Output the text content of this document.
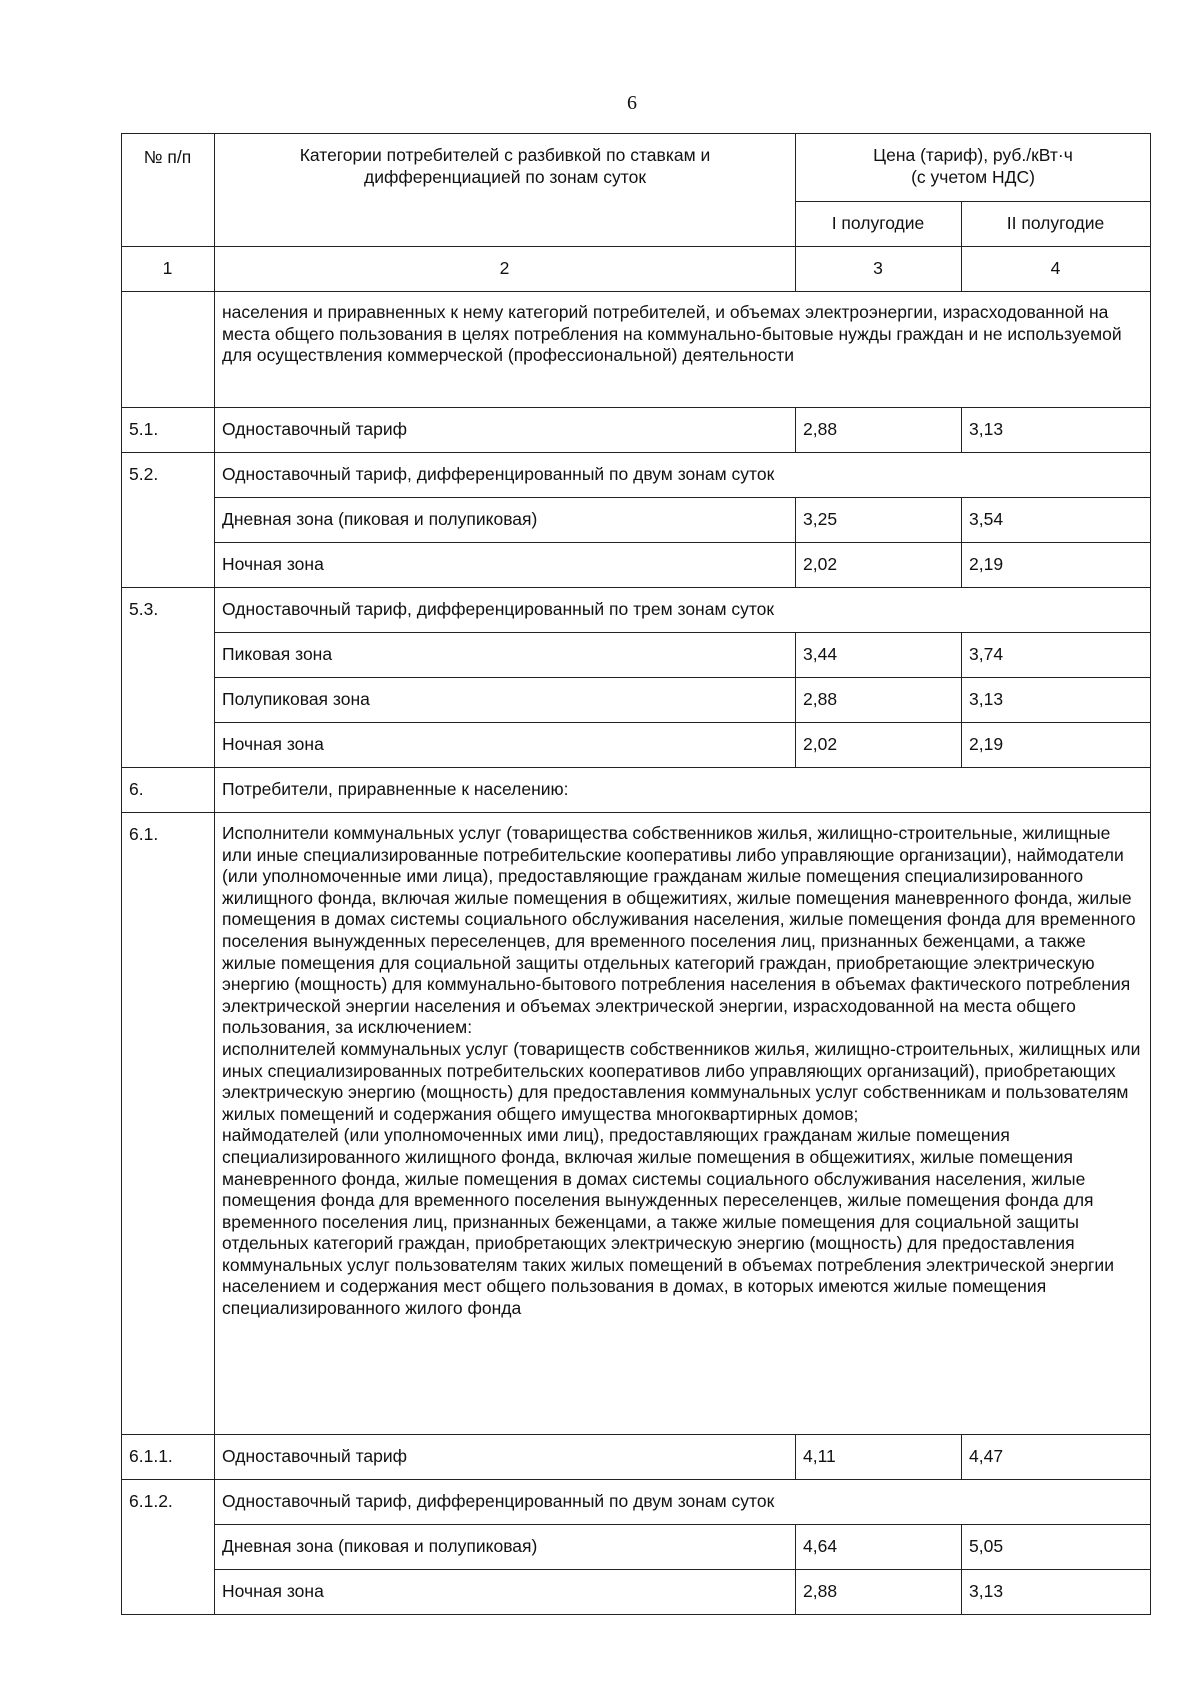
6
№ п/п	Категории потребителей с разбивкой по ставкам и дифференциацией по зонам суток	Цена (тариф), руб./кВт·ч (с учетом НДС)	
		I полугодие	II полугодие
1	2	3	4
	населения и приравненных к нему категорий потребителей, и объемах электроэнергии, израсходованной на места общего пользования в целях потребления на коммунально-бытовые нужды граждан и не используемой для осуществления коммерческой (профессиональной) деятельности		
5.1.	Одноставочный тариф	2,88	3,13
5.2.	Одноставочный тариф, дифференцированный по двум зонам суток		
	Дневная зона (пиковая и полупиковая)	3,25	3,54
	Ночная зона	2,02	2,19
5.3.	Одноставочный тариф, дифференцированный по трем зонам суток		
	Пиковая зона	3,44	3,74
	Полупиковая зона	2,88	3,13
	Ночная зона	2,02	2,19
6.	Потребители, приравненные к населению:		
6.1.	Исполнители коммунальных услуг (товарищества собственников жилья, жилищно-строительные, жилищные или иные специализированные потребительские кооперативы либо управляющие организации), наймодатели (или уполномоченные ими лица), предоставляющие гражданам жилые помещения специализированного жилищного фонда, включая жилые помещения в общежитиях, жилые помещения маневренного фонда, жилые помещения в домах системы социального обслуживания населения, жилые помещения фонда для временного поселения вынужденных переселенцев, для временного поселения лиц, признанных беженцами, а также жилые помещения для социальной защиты отдельных категорий граждан, приобретающие электрическую энергию (мощность) для коммунально-бытового потребления населения в объемах фактического потребления электрической энергии населения и объемах электрической энергии, израсходованной на места общего пользования, за исключением:
исполнителей коммунальных услуг (товариществ собственников жилья, жилищно-строительных, жилищных или иных специализированных потребительских кооперативов либо управляющих организаций), приобретающих электрическую энергию (мощность) для предоставления коммунальных услуг собственникам и пользователям жилых помещений и содержания общего имущества многоквартирных домов;
наймодателей (или уполномоченных ими лиц), предоставляющих гражданам жилые помещения специализированного жилищного фонда, включая жилые помещения в общежитиях, жилые помещения маневренного фонда, жилые помещения в домах системы социального обслуживания населения, жилые помещения фонда для временного поселения вынужденных переселенцев, жилые помещения фонда для временного поселения лиц, признанных беженцами, а также жилые помещения для социальной защиты отдельных категорий граждан, приобретающих электрическую энергию (мощность) для предоставления коммунальных услуг пользователям таких жилых помещений в объемах потребления электрической энергии населением и содержания мест общего пользования в домах, в которых имеются жилые помещения специализированного жилого фонда		

6.1.1.	Одноставочный тариф	4,11	4,47
6.1.2.	Одноставочный тариф, дифференцированный по двум зонам суток		
	Дневная зона (пиковая и полупиковая)	4,64	5,05
	Ночная зона	2,88	3,13
